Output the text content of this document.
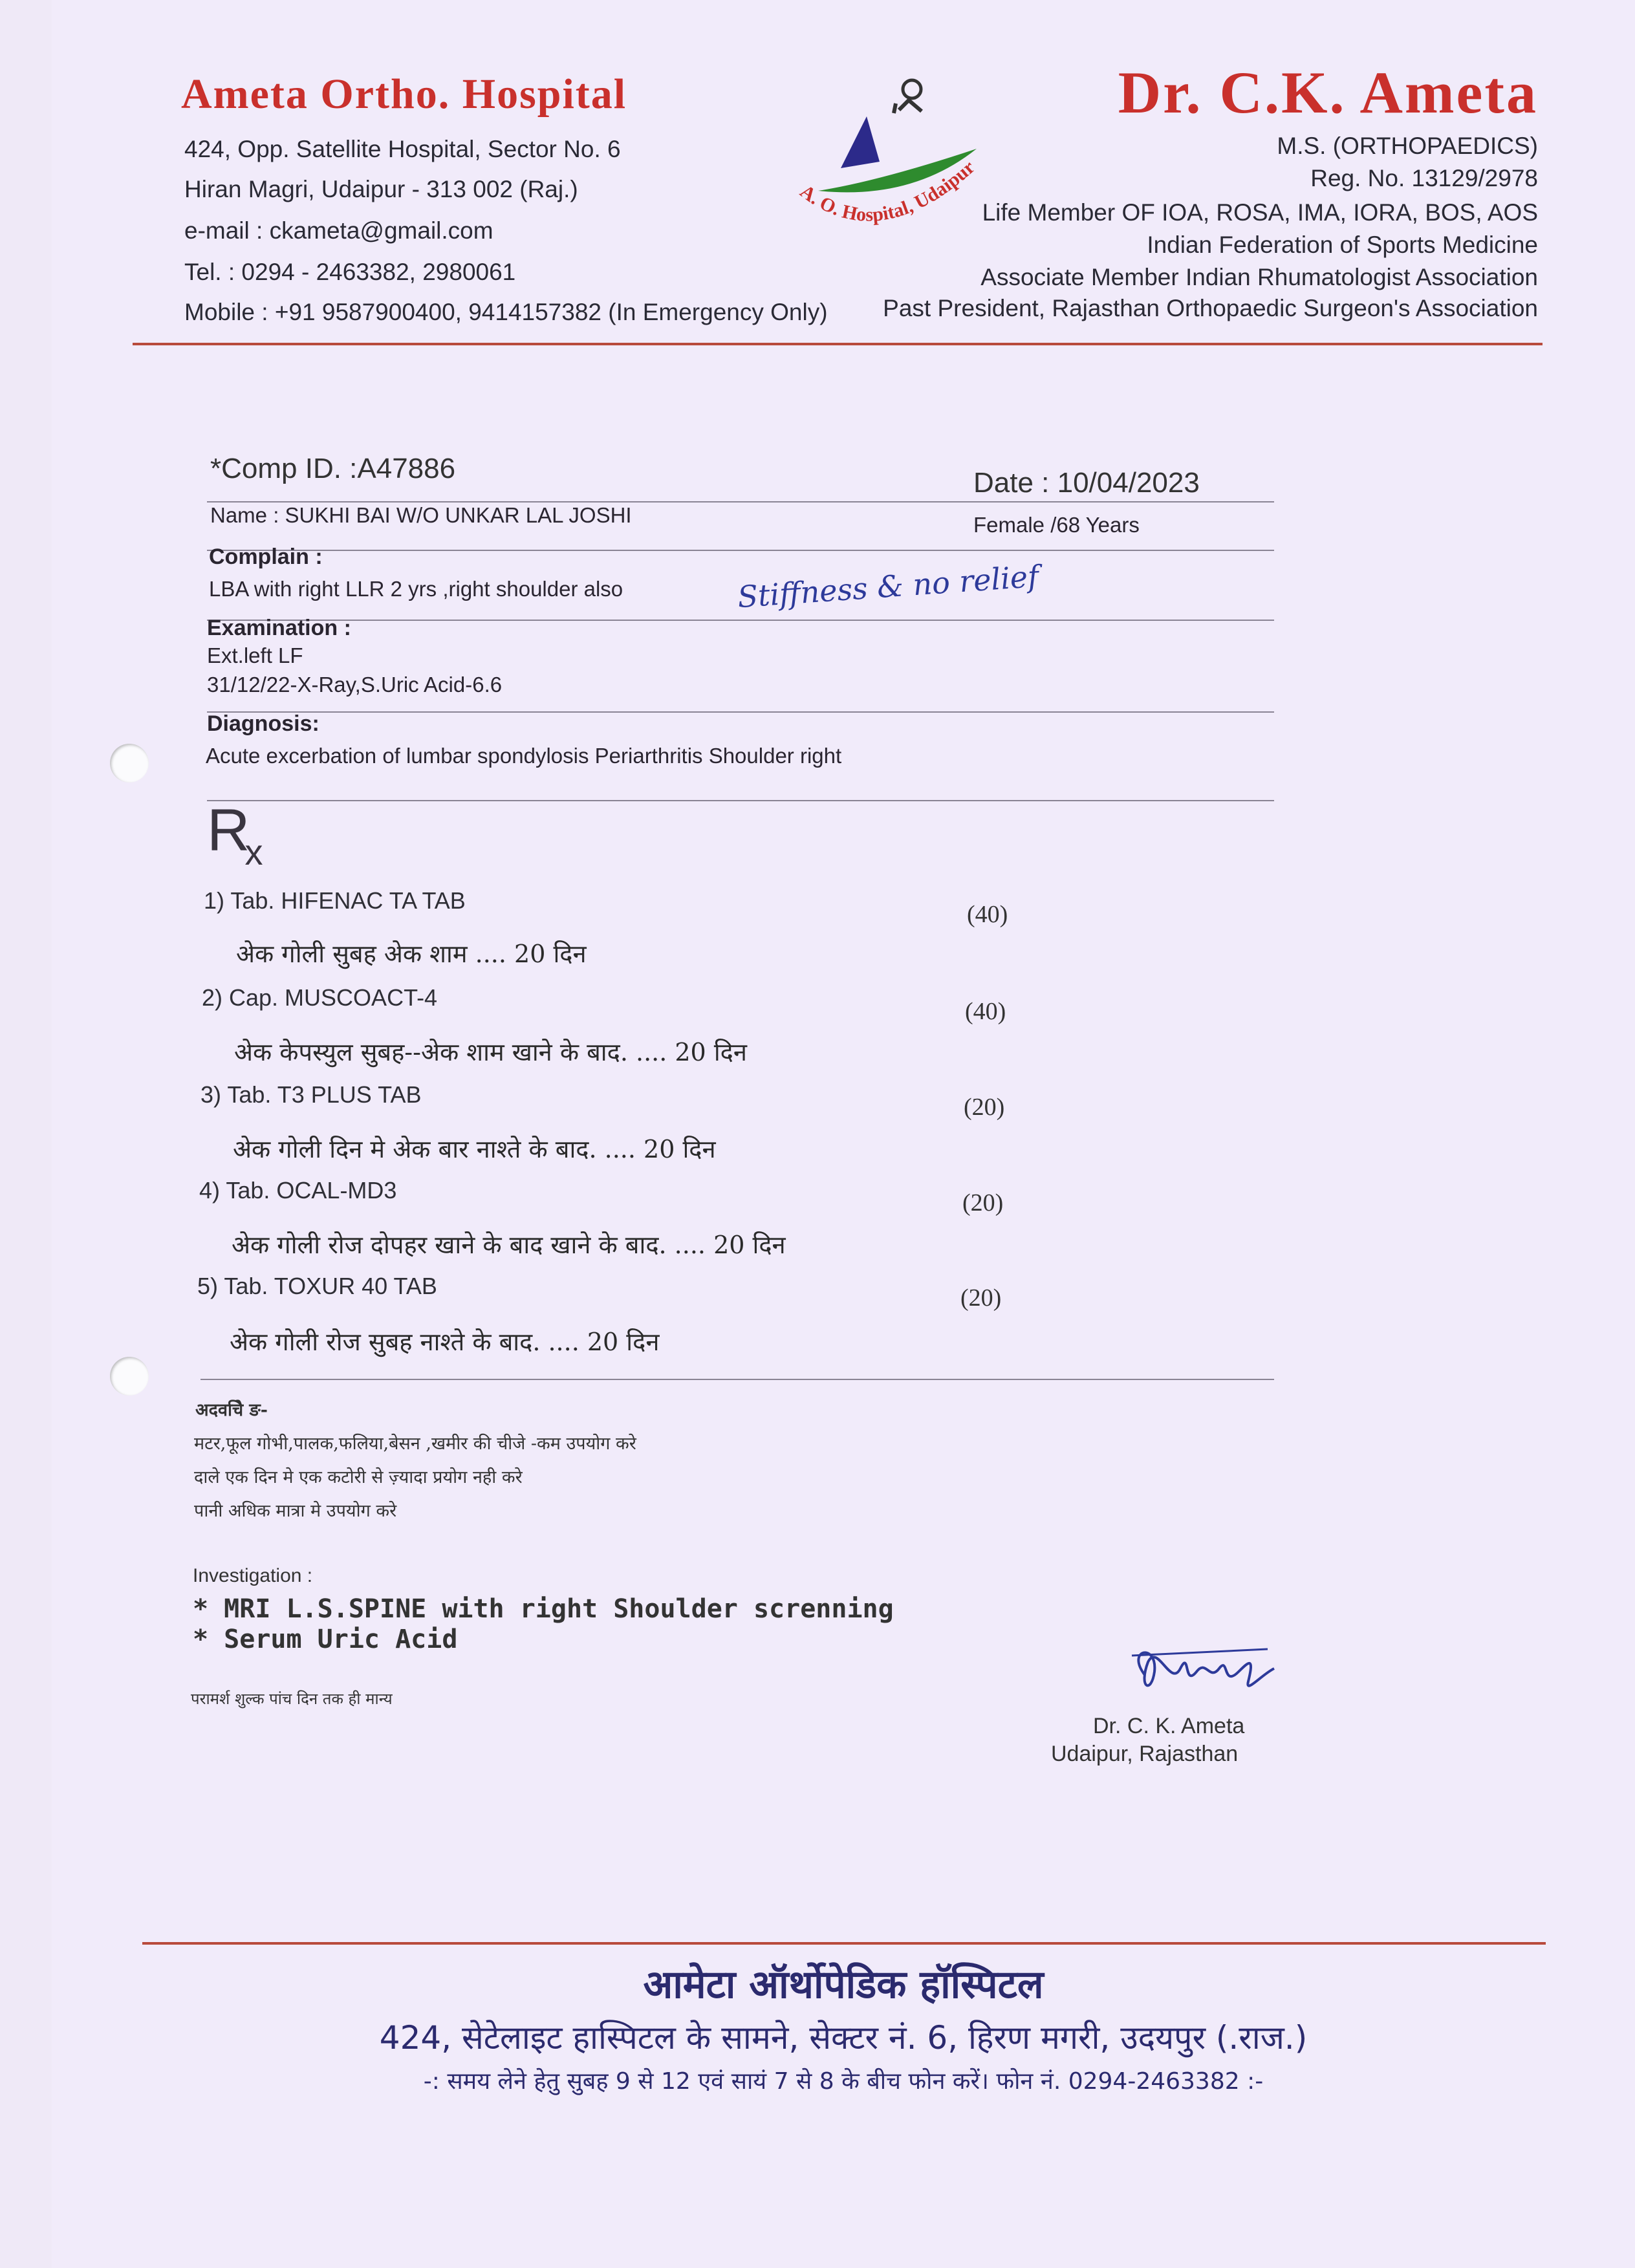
Ameta Ortho. Hospital
424, Opp. Satellite Hospital, Sector No. 6
Hiran Magri, Udaipur - 313 002 (Raj.)
e-mail : ckameta@gmail.com
Tel. : 0294 - 2463382, 2980061
Mobile : +91 9587900400, 9414157382 (In Emergency Only)
A. O. Hospital, Udaipur
Dr. C.K. Ameta
M.S. (ORTHOPAEDICS)
Reg. No. 13129/2978
Life Member OF IOA, ROSA, IMA, IORA, BOS, AOS
Indian Federation of Sports Medicine
Associate Member Indian Rhumatologist Association
Past President, Rajasthan Orthopaedic Surgeon's Association
*Comp ID. :A47886	Date : 10/04/2023
Name : SUKHI BAI W/O UNKAR LAL JOSHI	Female /68 Years
Complain :
LBA with right LLR 2 yrs ,right shoulder also	Stiffness & no relief
Examination :
Ext.left LF
31/12/22-X-Ray,S.Uric Acid-6.6
Diagnosis:
Acute excerbation of lumbar spondylosis Periarthritis Shoulder right
$R_x$
1) Tab. HIFENAC TA TAB
(40)
अेक गोली सुबह अेक शाम .... 20 दिन
2) Cap. MUSCOACT-4
(40)
अेक केपस्युल सुबह--अेक शाम खाने के बाद. .... 20 दिन
3) Tab. T3 PLUS TAB	(20)
अेक गोली दिन मे अेक बार नाश्ते के बाद. .... 20 दिन
4) Tab. OCAL-MD3	(20)
अेक गोली रोज दोपहर खाने के बाद खाने के बाद. .... 20 दिन
5) Tab. TOXUR 40 TAB	(20)
अेक गोली रोज सुबह नाश्ते के बाद. .... 20 दिन
अदवचिे ङ-
मटर,फूल गोभी,पालक,फलिया,बेसन ,खमीर की चीजे -कम उपयोग करे
दाले एक दिन मे एक कटोरी से ज़्यादा प्रयोग नही करे
पानी अधिक मात्रा मे उपयोग करे
Investigation :
* MRI L.S.SPINE with right Shoulder screnning
* Serum Uric Acid
परामर्श शुल्क पांच दिन तक ही मान्य
Dr. C. K. Ameta
Udaipur, Rajasthan
आमेटा ऑर्थोपेडिक हॉस्पिटल
424, सेटेलाइट हास्पिटल के सामने, सेक्टर नं. 6, हिरण मगरी, उदयपुर (.राज.)
-: समय लेने हेतु सुबह 9 से 12 एवं सायं 7 से 8 के बीच फोन करें। फोन नं. 0294-2463382 :-
